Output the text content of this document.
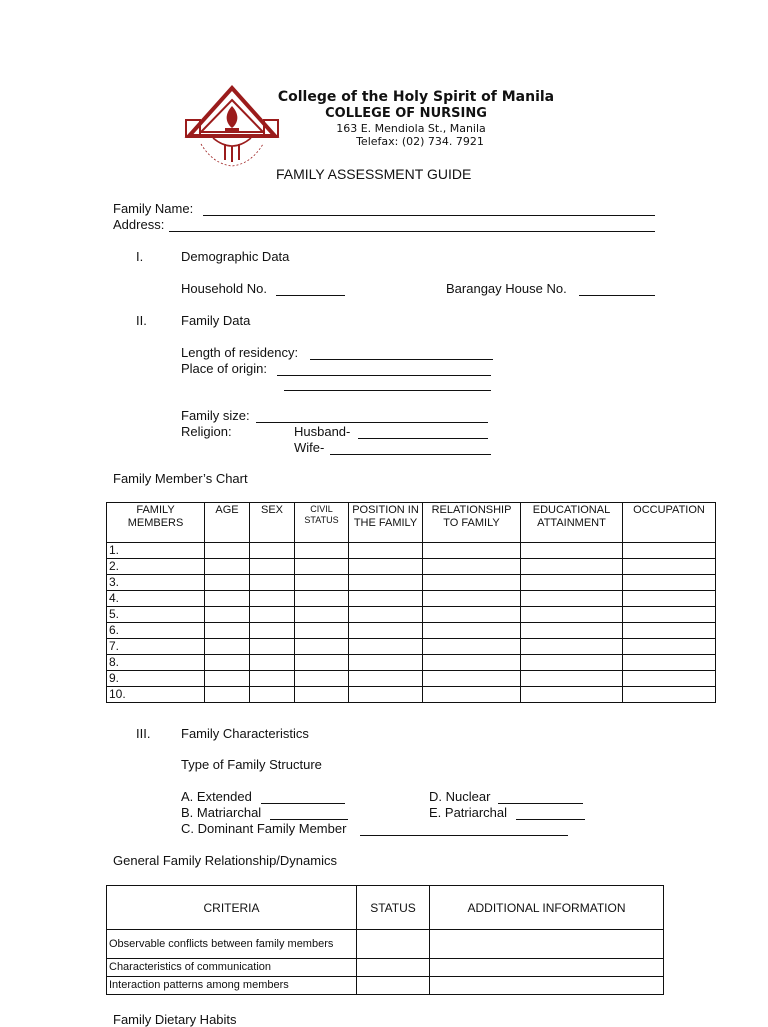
College of the Holy Spirit of Manila
COLLEGE OF NURSING
163 E. Mendiola St., Manila
Telefax: (02) 734. 7921
FAMILY ASSESSMENT GUIDE
Family Name:
Address:
I.	Demographic Data
Household No.	Barangay House No.
II.	Family Data
Length of residency:
Place of origin:
Family size:
Religion:	Husband-
Wife-
Family Member’s Chart
FAMILY MEMBERS	AGE	SEX	CIVIL STATUS	POSITION IN THE FAMILY	RELATIONSHIP TO FAMILY	EDUCATIONAL ATTAINMENT	OCCUPATION
1.							
2.							
3.							
4.							
5.							
6.							
7.							
8.							
9.							
10.							
III. Family Characteristics
Type of Family Structure
A. Extended	D. Nuclear
B. Matriarchal	E. Patriarchal
C. Dominant Family Member
General Family Relationship/Dynamics
CRITERIA	STATUS	ADDITIONAL INFORMATION
Observable conflicts between family members		
Characteristics of communication		
Interaction patterns among members		
Family Dietary Habits
